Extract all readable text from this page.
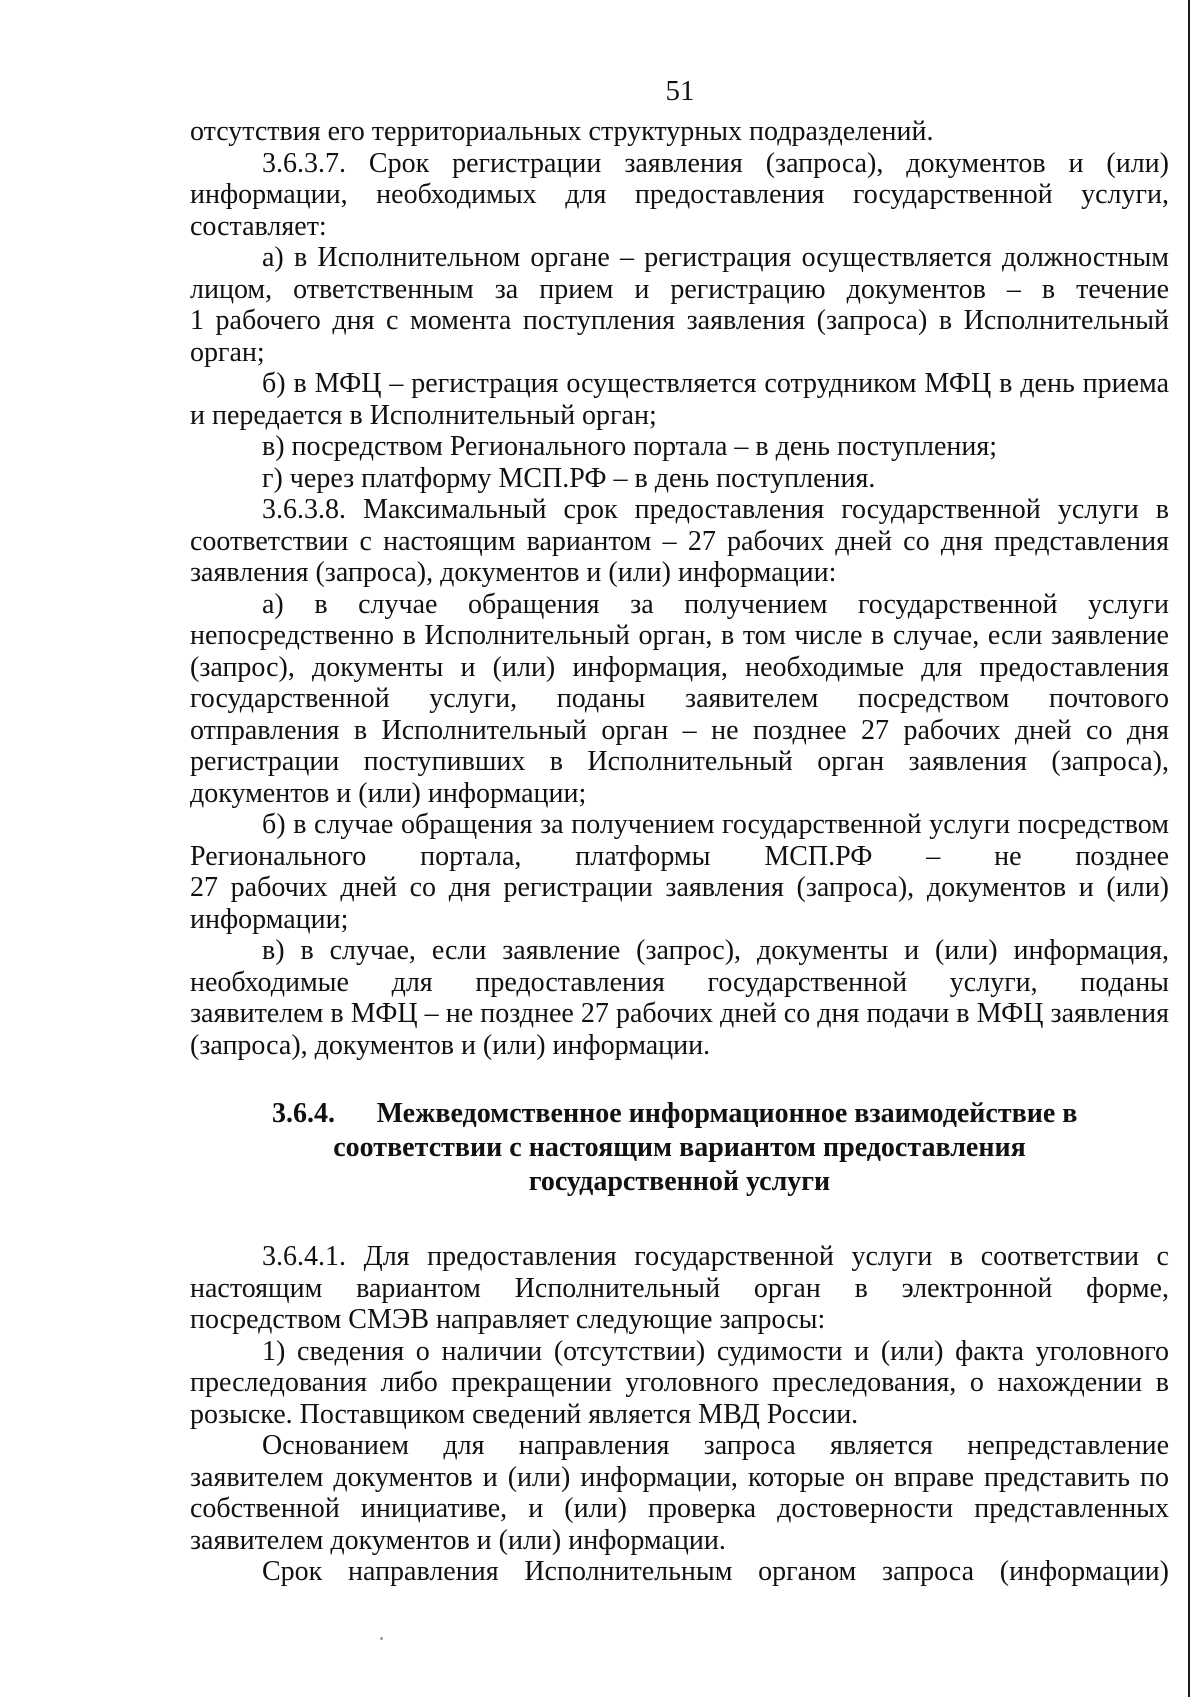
51
отсутствия его территориальных структурных подразделений.
3.6.3.7. Срок регистрации заявления (запроса), документов и (или)
информации, необходимых для предоставления государственной услуги,
составляет:
а) в Исполнительном органе – регистрация осуществляется должностным
лицом, ответственным за прием и регистрацию документов – в течение
1 рабочего дня с момента поступления заявления (запроса) в Исполнительный
орган;
б) в МФЦ – регистрация осуществляется сотрудником МФЦ в день приема
и передается в Исполнительный орган;
в) посредством Регионального портала – в день поступления;
г) через платформу МСП.РФ – в день поступления.
3.6.3.8. Максимальный срок предоставления государственной услуги в
соответствии с настоящим вариантом – 27 рабочих дней со дня представления
заявления (запроса), документов и (или) информации:
а) в случае обращения за получением государственной услуги
непосредственно в Исполнительный орган, в том числе в случае, если заявление
(запрос), документы и (или) информация, необходимые для предоставления
государственной услуги, поданы заявителем посредством почтового
отправления в Исполнительный орган – не позднее 27 рабочих дней со дня
регистрации поступивших в Исполнительный орган заявления (запроса),
документов и (или) информации;
б) в случае обращения за получением государственной услуги посредством
Регионального портала, платформы МСП.РФ – не позднее
27 рабочих дней со дня регистрации заявления (запроса), документов и (или)
информации;
в) в случае, если заявление (запрос), документы и (или) информация,
необходимые для предоставления государственной услуги, поданы
заявителем в МФЦ – не позднее 27 рабочих дней со дня подачи в МФЦ заявления
(запроса), документов и (или) информации.
3.6.4. Межведомственное информационное взаимодействие в
соответствии с настоящим вариантом предоставления
государственной услуги
3.6.4.1. Для предоставления государственной услуги в соответствии с
настоящим вариантом Исполнительный орган в электронной форме,
посредством СМЭВ направляет следующие запросы:
1) сведения о наличии (отсутствии) судимости и (или) факта уголовного
преследования либо прекращении уголовного преследования, о нахождении в
розыске. Поставщиком сведений является МВД России.
Основанием для направления запроса является непредставление
заявителем документов и (или) информации, которые он вправе представить по
собственной инициативе, и (или) проверка достоверности представленных
заявителем документов и (или) информации.
Срок направления Исполнительным органом запроса (информации)
